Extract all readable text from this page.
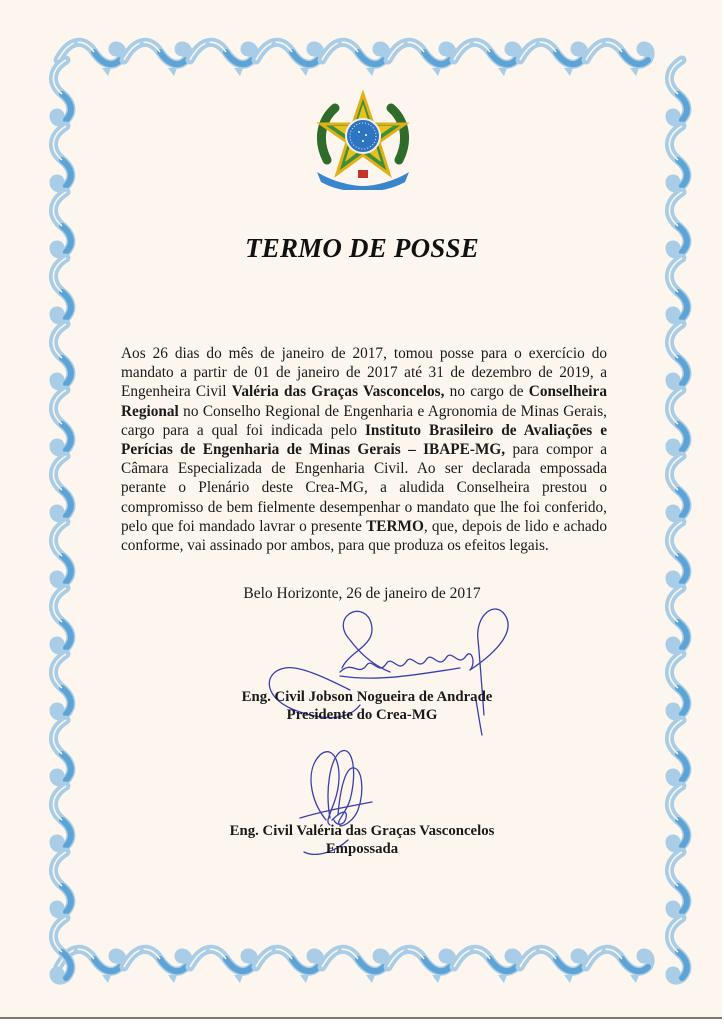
TERMO DE POSSE
Aos 26 dias do mês de janeiro de 2017, tomou posse para o exercício do mandato a partir de 01 de janeiro de 2017 até 31 de dezembro de 2019, a Engenheira Civil Valéria das Graças Vasconcelos, no cargo de Conselheira Regional no Conselho Regional de Engenharia e Agronomia de Minas Gerais, cargo para a qual foi indicada pelo Instituto Brasileiro de Avaliações e Perícias de Engenharia de Minas Gerais – IBAPE-MG, para compor a Câmara Especializada de Engenharia Civil. Ao ser declarada empossada perante o Plenário deste Crea-MG, a aludida Conselheira prestou o compromisso de bem fielmente desempenhar o mandato que lhe foi conferido, pelo que foi mandado lavrar o presente TERMO, que, depois de lido e achado conforme, vai assinado por ambos, para que produza os efeitos legais.
Belo Horizonte, 26 de janeiro de 2017
Eng. Civil Jobson Nogueira de Andrade
Presidente do Crea-MG
Eng. Civil Valéria das Graças Vasconcelos
Empossada
